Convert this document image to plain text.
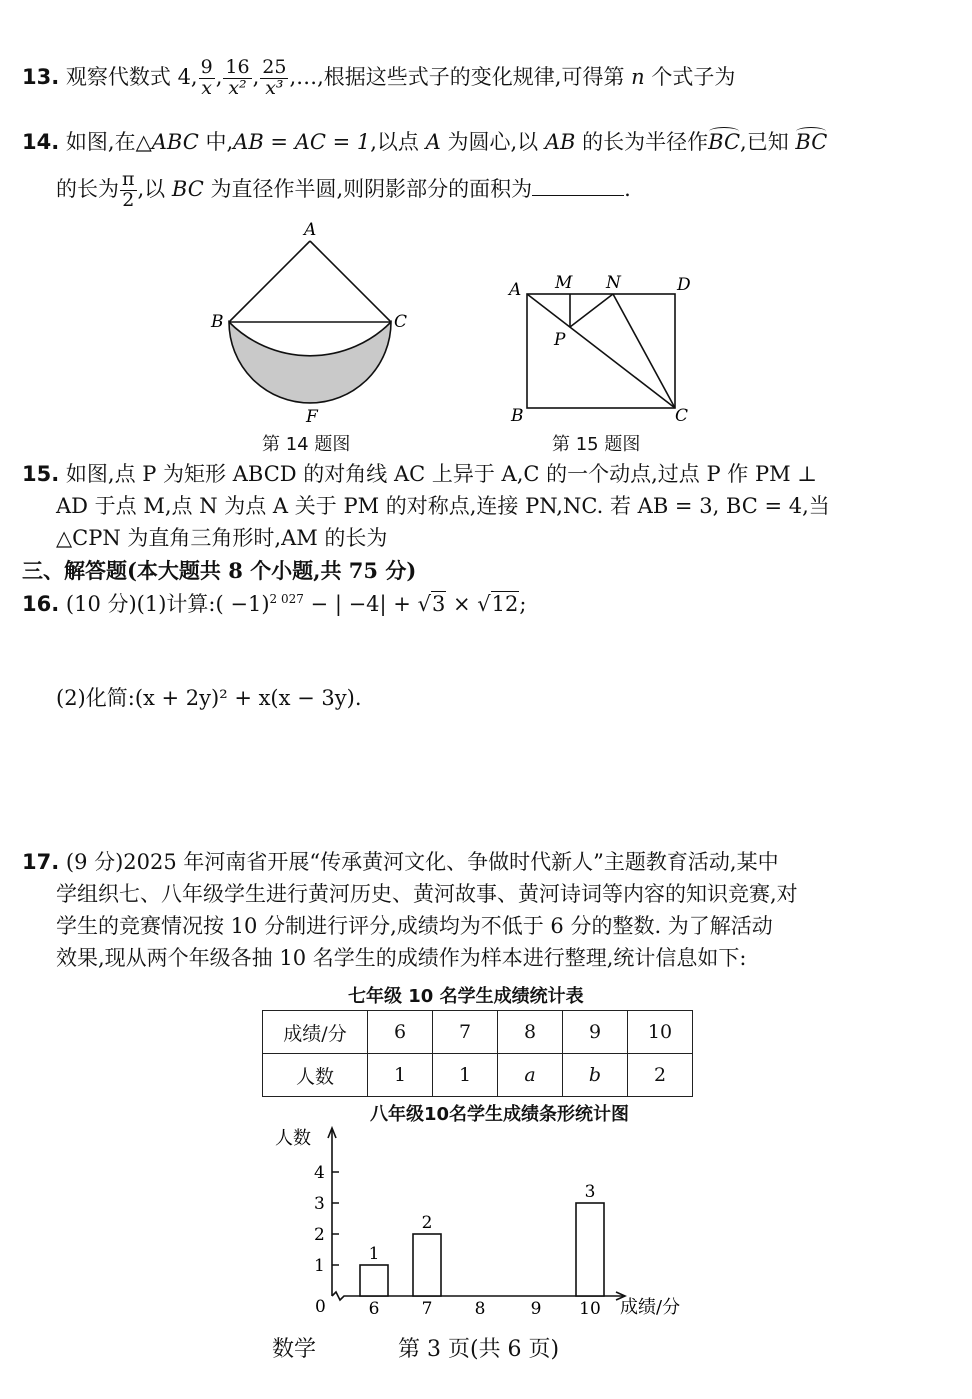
13. 观察代数式 4, $\frac{9}{x}$ , $\frac{16}{\text{x²}}$ , $\frac{25}{\text{x³}}$ ,…,根据这些式子的变化规律,可得第 n 个式子为
14. 如图,在△ABC 中,AB = AC = 1,以点 A 为圆心,以 AB 的长为半径作BC,已知 BC
的长为 $\frac{\pi}{2}$ ,以 BC 为直径作半圆,则阴影部分的面积为	.
A
B	C
F
第 14 题图
A M N	D
P
B	C
第 15 题图
15. 如图,点 P 为矩形 ABCD 的对角线 AC 上异于 A,C 的一个动点,过点 P 作 PM ⊥
AD 于点 M,点 N 为点 A 关于 PM 的对称点,连接 PN,NC. 若 AB = 3, BC = 4,当
△CPN 为直角三角形时,AM 的长为
三、解答题(本大题共 8 个小题,共 75 分)
16. (10 分)(1)计算:( −1)$^{2 027}$ − | −4| + √3 × √12;
(2)化简:(x + 2y)² + x(x − 3y).
17. (9 分)2025 年河南省开展“传承黄河文化、争做时代新人”主题教育活动,某中
学组织七、八年级学生进行黄河历史、黄河故事、黄河诗词等内容的知识竞赛,对
学生的竞赛情况按 10 分制进行评分,成绩均为不低于 6 分的整数. 为了解活动
效果,现从两个年级各抽 10 名学生的成绩作为样本进行整理,统计信息如下:
七年级 10 名学生成绩统计表
成绩/分	6	7	8	9	10
人数	1	1	a	b	2
八年级10名学生成绩条形统计图
人数
成绩/分
0
1
2
3
4
6
1
7
2
8	9 10
3
数学	第 3 页(共 6 页)
